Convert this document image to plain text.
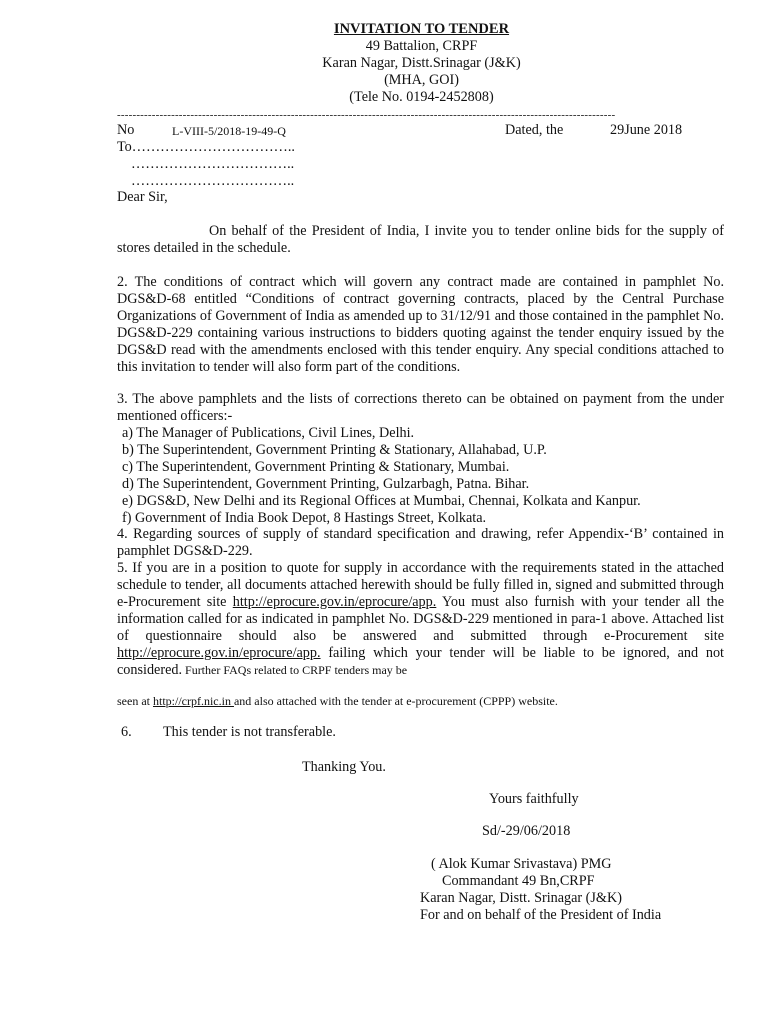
INVITATION TO TENDER
49 Battalion, CRPF
Karan Nagar, Distt.Srinagar (J&K)
(MHA, GOI)
(Tele No. 0194-2452808)
---------------------------------------------------------------------------------------------------------------------------------
No	L-VIII-5/2018-19-49-Q	Dated, the	29June 2018
To……………………………..
……………………………..
……………………………..
Dear Sir,
On behalf of the President of India, I invite you to tender online bids for the supply of stores detailed in the schedule.
2. The conditions of contract which will govern any contract made are contained in pamphlet No. DGS&D-68 entitled “Conditions of contract governing contracts, placed by the Central Purchase Organizations of Government of India as amended up to 31/12/91 and those contained in the pamphlet No. DGS&D-229 containing various instructions to bidders quoting against the tender enquiry issued by the DGS&D read with the amendments enclosed with this tender enquiry. Any special conditions attached to this invitation to tender will also form part of the conditions.
3. The above pamphlets and the lists of corrections thereto can be obtained on payment from the under mentioned officers:-
a) The Manager of Publications, Civil Lines, Delhi.
b) The Superintendent, Government Printing & Stationary, Allahabad, U.P.
c) The Superintendent, Government Printing & Stationary, Mumbai.
d) The Superintendent, Government Printing, Gulzarbagh, Patna. Bihar.
e) DGS&D, New Delhi and its Regional Offices at Mumbai, Chennai, Kolkata and Kanpur.
f) Government of India Book Depot, 8 Hastings Street, Kolkata.
4. Regarding sources of supply of standard specification and drawing, refer Appendix-‘B’ contained in pamphlet DGS&D-229.
5. If you are in a position to quote for supply in accordance with the requirements stated in the attached schedule to tender, all documents attached herewith should be fully filled in, signed and submitted through e-Procurement site http://eprocure.gov.in/eprocure/app. You must also furnish with your tender all the information called for as indicated in pamphlet No. DGS&D-229 mentioned in para-1 above. Attached list of questionnaire should also be answered and submitted through e-Procurement site http://eprocure.gov.in/eprocure/app. failing which your tender will be liable to be ignored, and not considered. Further FAQs related to CRPF tenders may be
seen at http://crpf.nic.in and also attached with the tender at e-procurement (CPPP) website.
6. This tender is not transferable.
Thanking You.
Yours faithfully
Sd/-29/06/2018
( Alok Kumar Srivastava) PMG
Commandant 49 Bn,CRPF
Karan Nagar, Distt. Srinagar (J&K)
For and on behalf of the President of India
